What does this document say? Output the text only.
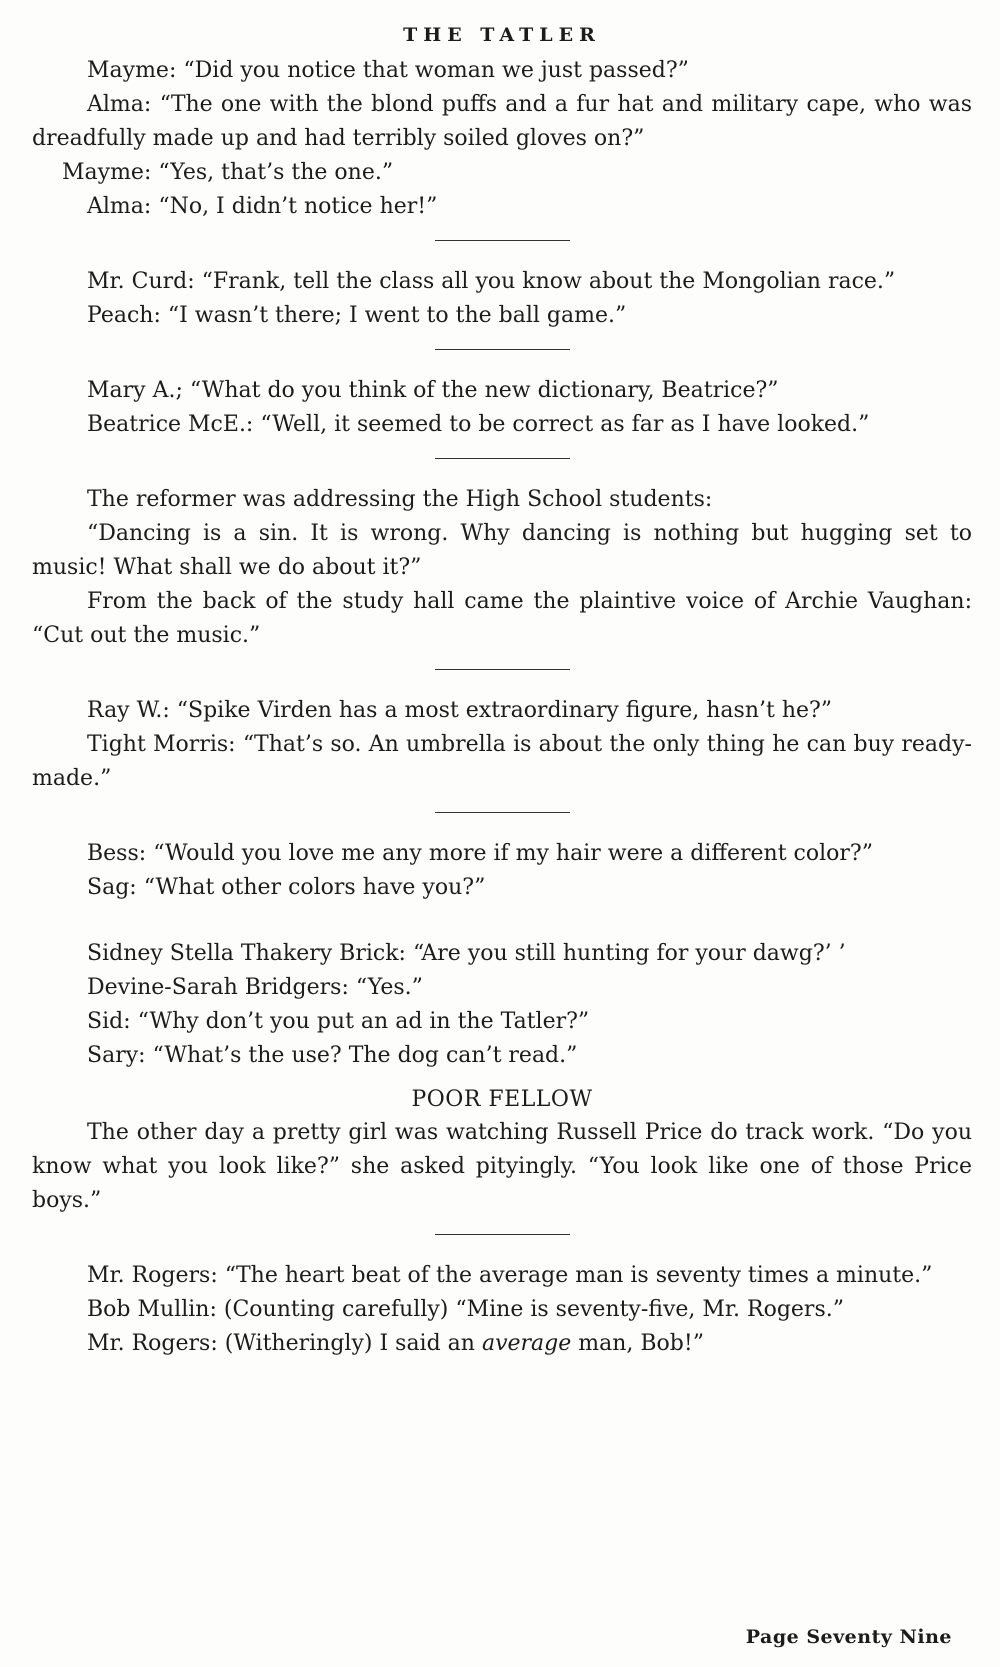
THE TATLER

Mayme: “Did you notice that woman we just passed?”

Alma: “The one with the blond puffs and a fur hat and military cape, who was dreadfully made up and had terribly soiled gloves on?”

Mayme: “Yes, that’s the one.”

Alma: “No, I didn’t notice her!”

Mr. Curd: “Frank, tell the class all you know about the Mongolian race.”

Peach: “I wasn’t there; I went to the ball game.”

Mary A.; “What do you think of the new dictionary, Beatrice?”

Beatrice McE.: “Well, it seemed to be correct as far as I have looked.”

The reformer was addressing the High School students:

“Dancing is a sin. It is wrong. Why dancing is nothing but hugging set to music! What shall we do about it?”

From the back of the study hall came the plaintive voice of Archie Vaughan: “Cut out the music.”

Ray W.: “Spike Virden has a most extraordinary figure, hasn’t he?”

Tight Morris: “That’s so. An umbrella is about the only thing he can buy ready-made.”

Bess: “Would you love me any more if my hair were a different color?”

Sag: “What other colors have you?”

Sidney Stella Thakery Brick: “Are you still hunting for your dawg?’ ’

Devine-Sarah Bridgers: “Yes.”

Sid: “Why don’t you put an ad in the Tatler?”

Sary: “What’s the use? The dog can’t read.”

POOR FELLOW

The other day a pretty girl was watching Russell Price do track work. “Do you know what you look like?” she asked pityingly. “You look like one of those Price boys.”

Mr. Rogers: “The heart beat of the average man is seventy times a minute.”

Bob Mullin: (Counting carefully) “Mine is seventy-five, Mr. Rogers.”

Mr. Rogers: (Witheringly) I said an average man, Bob!”

Page Seventy Nine
